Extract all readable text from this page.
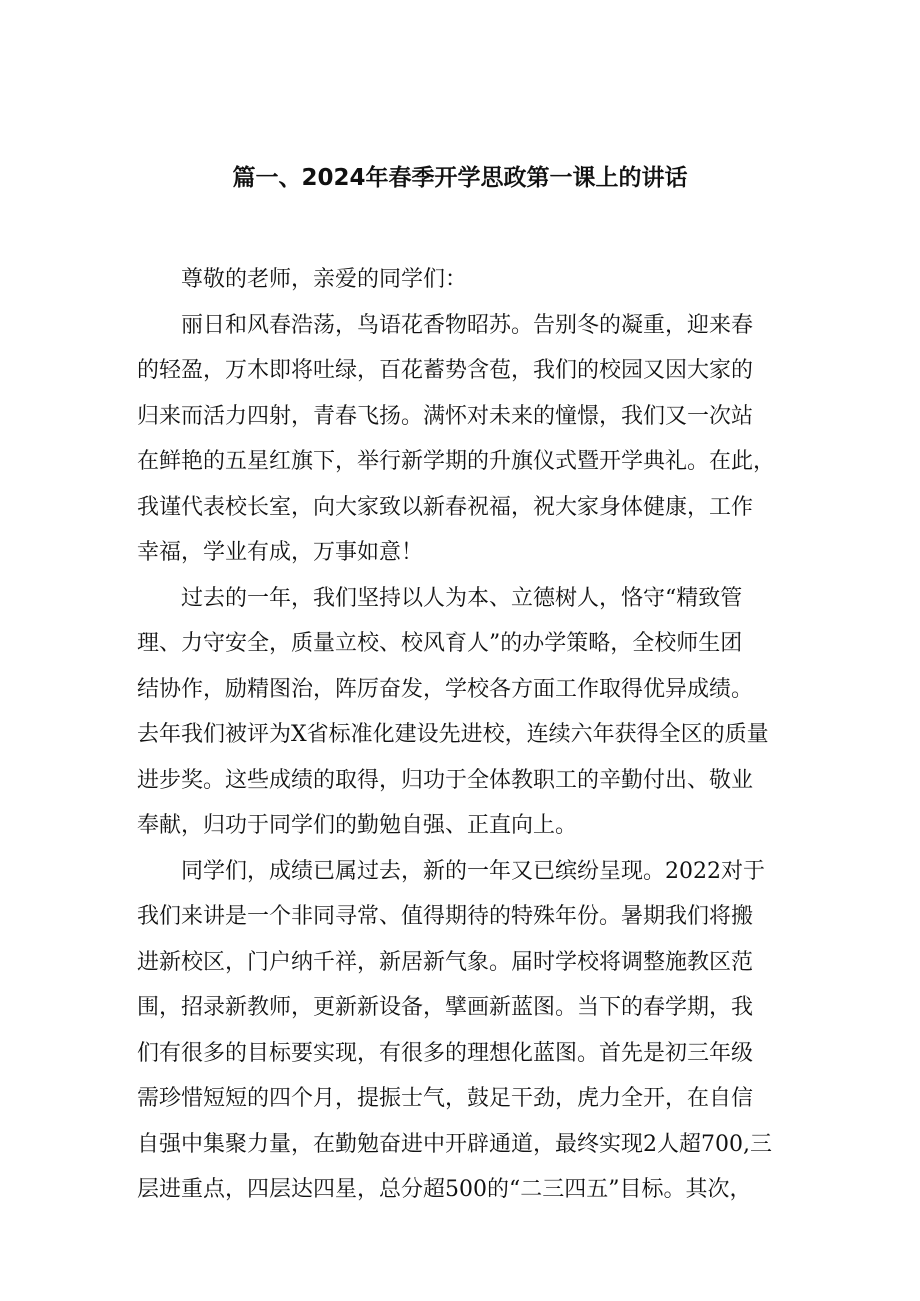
篇一、2024年春季开学思政第一课上的讲话
尊敬的老师，亲爱的同学们：
丽日和风春浩荡，鸟语花香物昭苏。告别冬的凝重，迎来春
的轻盈，万木即将吐绿，百花蓄势含苞，我们的校园又因大家的
归来而活力四射，青春飞扬。满怀对未来的憧憬，我们又一次站
在鲜艳的五星红旗下，举行新学期的升旗仪式暨开学典礼。在此，
我谨代表校长室，向大家致以新春祝福，祝大家身体健康，工作
幸福，学业有成，万事如意！
过去的一年，我们坚持以人为本、立德树人，恪守“精致管
理、力守安全，质量立校、校风育人”的办学策略，全校师生团
结协作，励精图治，阵厉奋发，学校各方面工作取得优异成绩。
去年我们被评为X省标准化建设先进校，连续六年获得全区的质量
进步奖。这些成绩的取得，归功于全体教职工的辛勤付出、敬业
奉献，归功于同学们的勤勉自强、正直向上。
同学们，成绩已属过去，新的一年又已缤纷呈现。2022对于
我们来讲是一个非同寻常、值得期待的特殊年份。暑期我们将搬
进新校区，门户纳千祥，新居新气象。届时学校将调整施教区范
围，招录新教师，更新新设备，擘画新蓝图。当下的春学期，我
们有很多的目标要实现，有很多的理想化蓝图。首先是初三年级
需珍惜短短的四个月，提振士气，鼓足干劲，虎力全开，在自信
自强中集聚力量，在勤勉奋进中开辟通道，最终实现2人超700,三
层进重点，四层达四星，总分超500的“二三四五”目标。其次，
